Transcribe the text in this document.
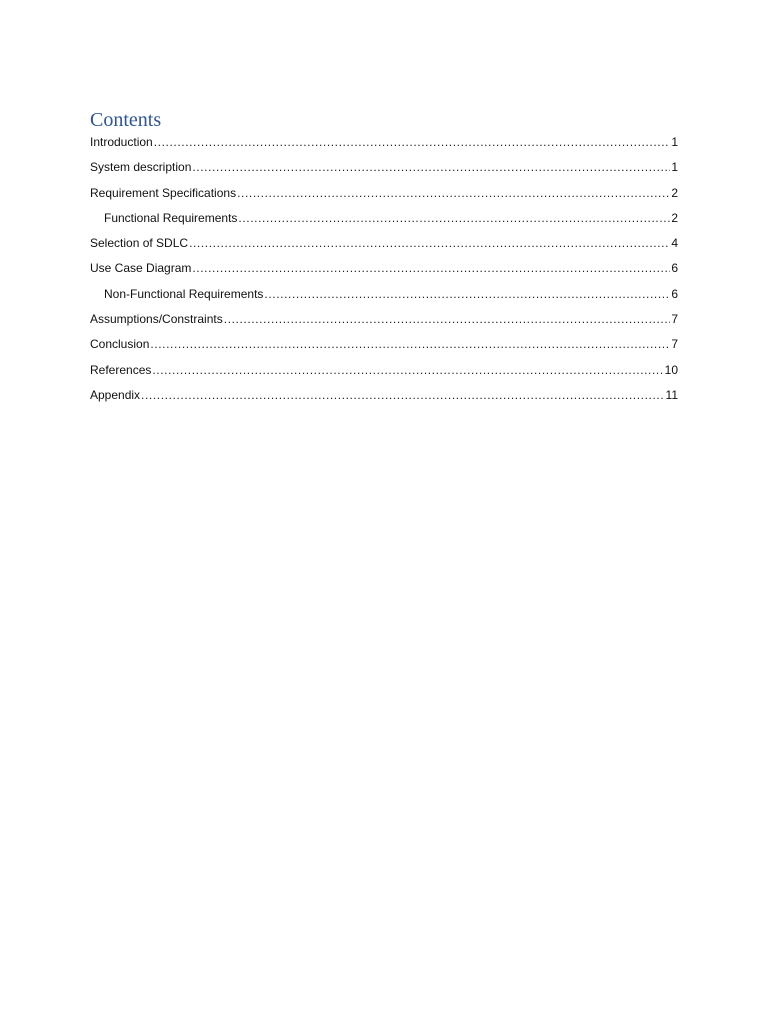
Contents
Introduction .....	1
System description .....	1
Requirement Specifications .....	2
Functional Requirements .....	2
Selection of SDLC .....	4
Use Case Diagram .....	6
Non-Functional Requirements .....	6
Assumptions/Constraints .....	7
Conclusion .....	7
References .....	10
Appendix .....	11
